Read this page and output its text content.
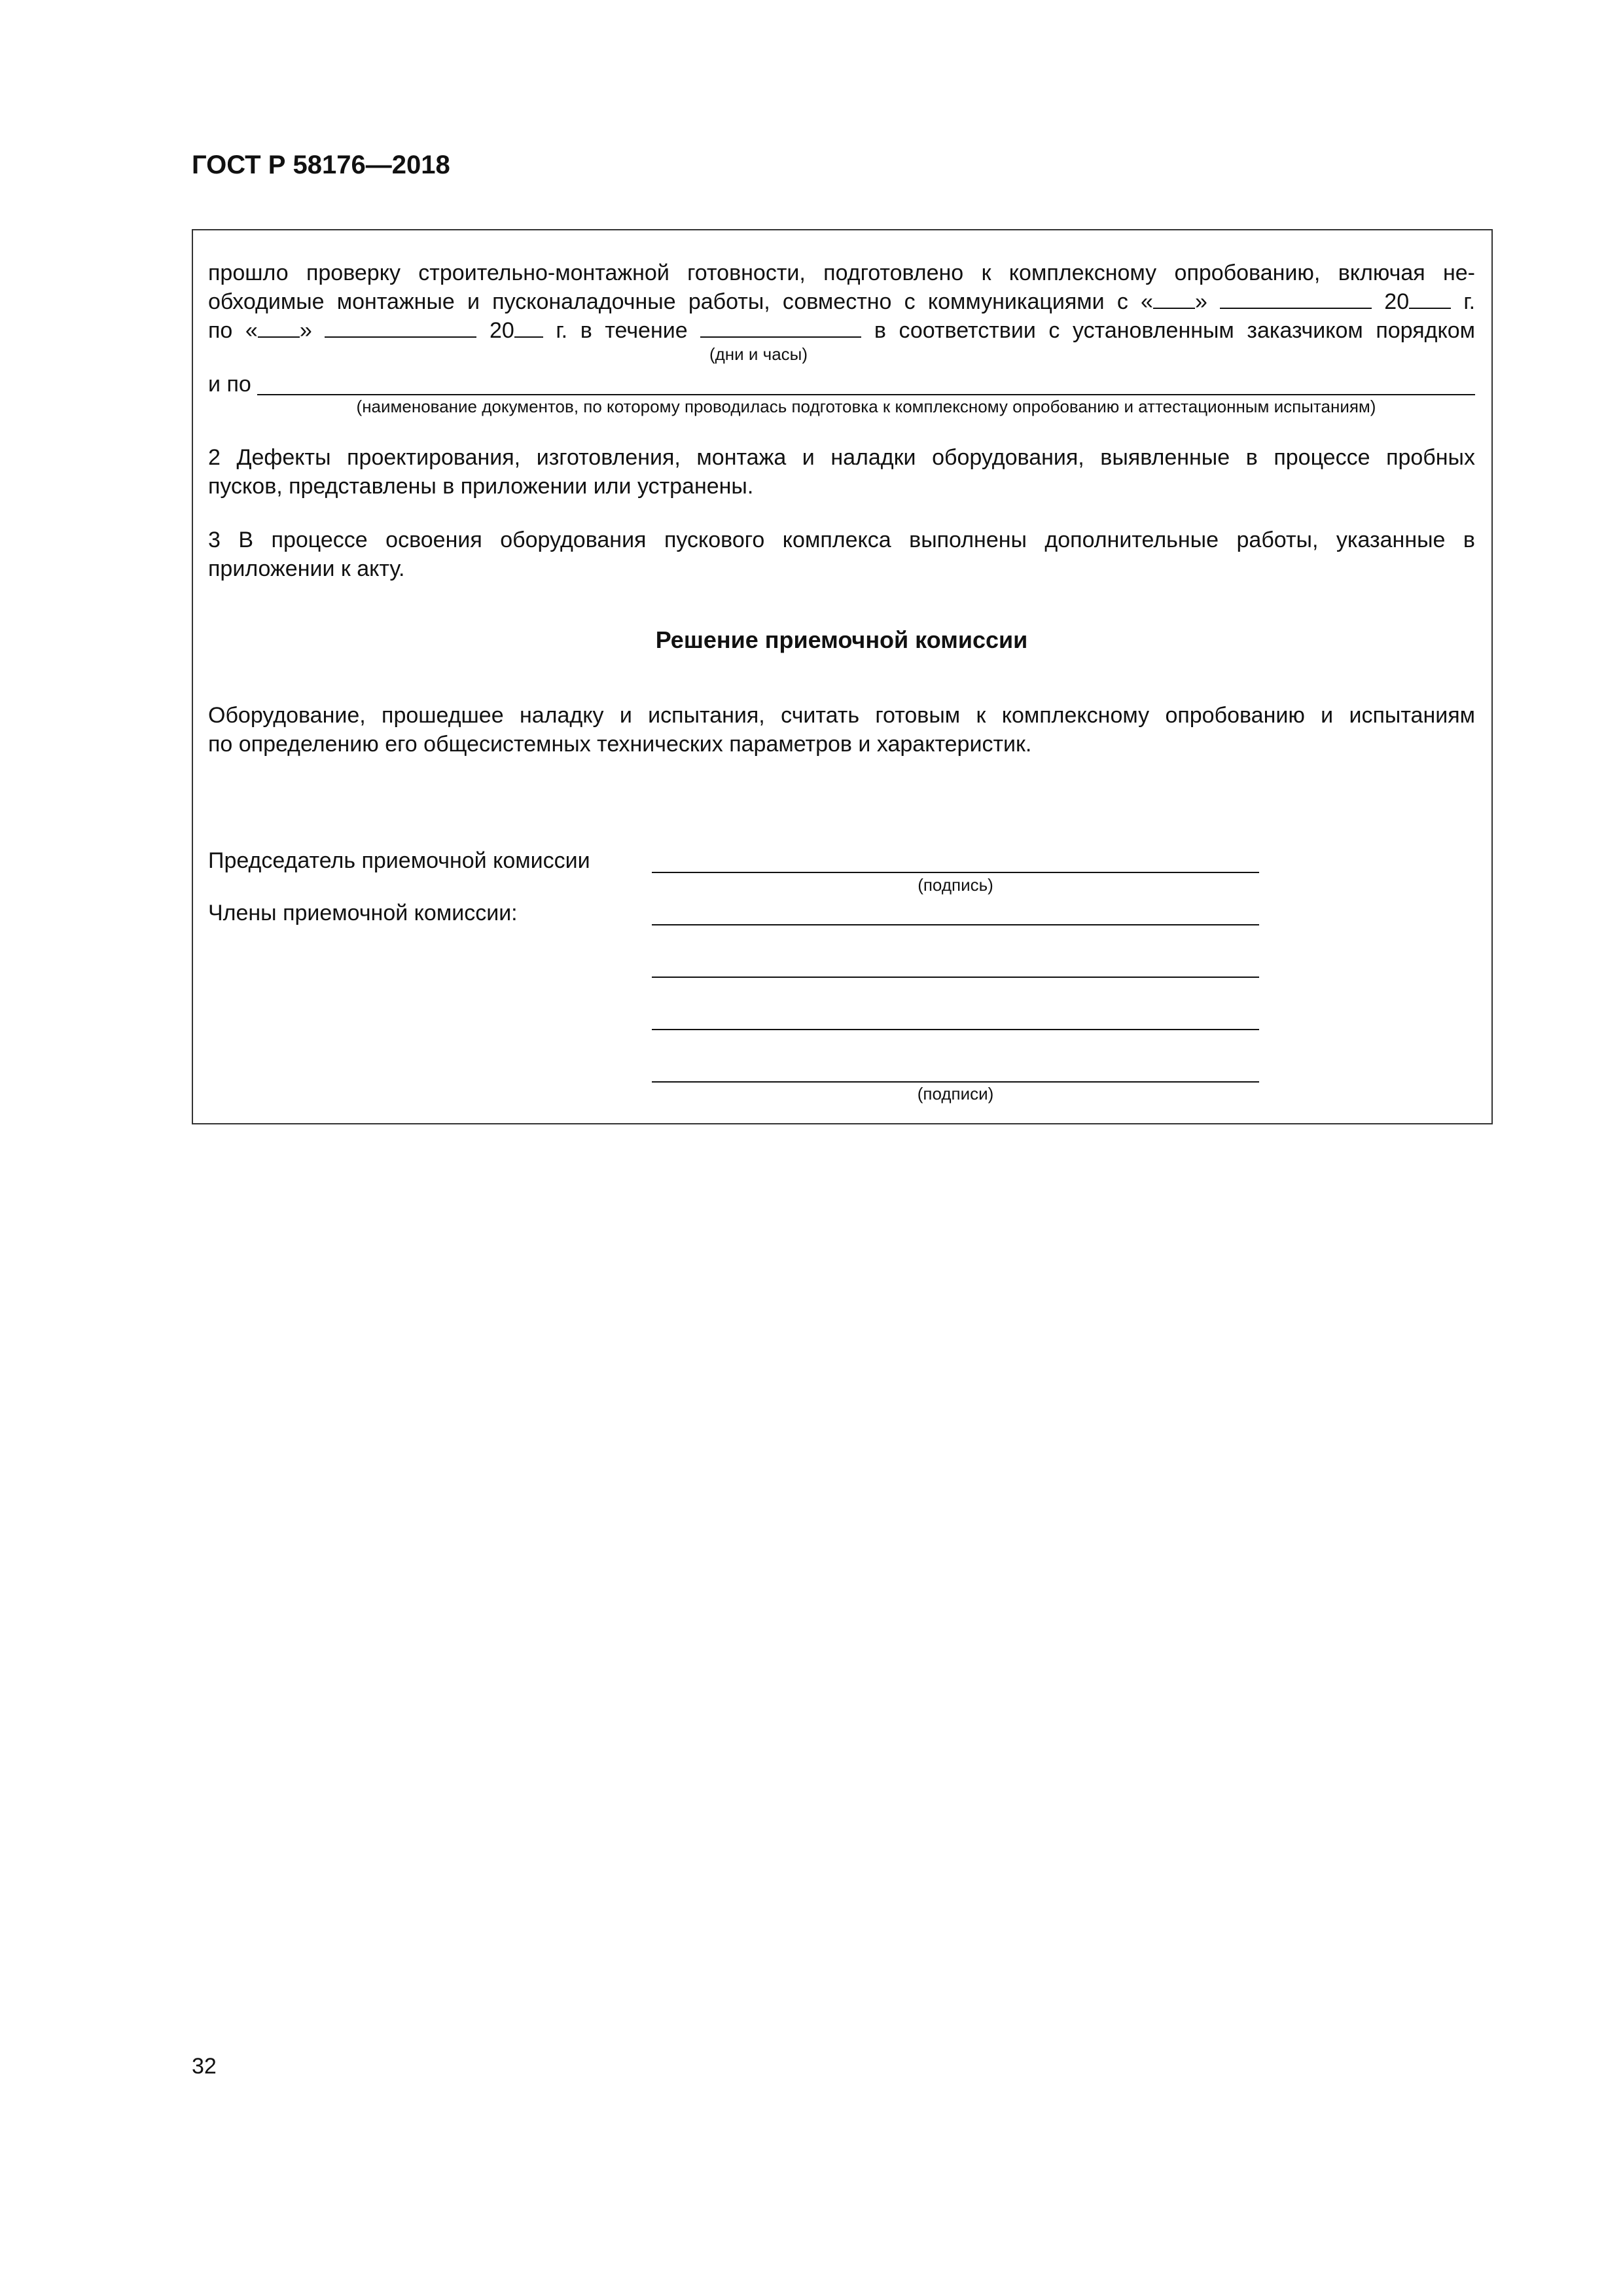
ГОСТ Р 58176—2018
прошло проверку строительно-монтажной готовности, подготовлено к комплексному опробованию, включая не-
обходимые монтажные и пусконаладочные работы, совместно с коммуникациями с « »	20 г.
по « »	20 г. в течение	в соответствии с установленным заказчиком порядком
(дни и часы)
и по
(наименование документов, по которому проводилась подготовка к комплексному опробованию и аттестационным испытаниям)
2 Дефекты проектирования, изготовления, монтажа и наладки оборудования, выявленные в процессе пробных
пусков, представлены в приложении или устранены.
3 В процессе освоения оборудования пускового комплекса выполнены дополнительные работы, указанные в
приложении к акту.
Решение приемочной комиссии
Оборудование, прошедшее наладку и испытания, считать готовым к комплексному опробованию и испытаниям
по определению его общесистемных технических параметров и характеристик.
Председатель приемочной комиссии
(подпись)
Члены приемочной комиссии:
(подписи)
32
